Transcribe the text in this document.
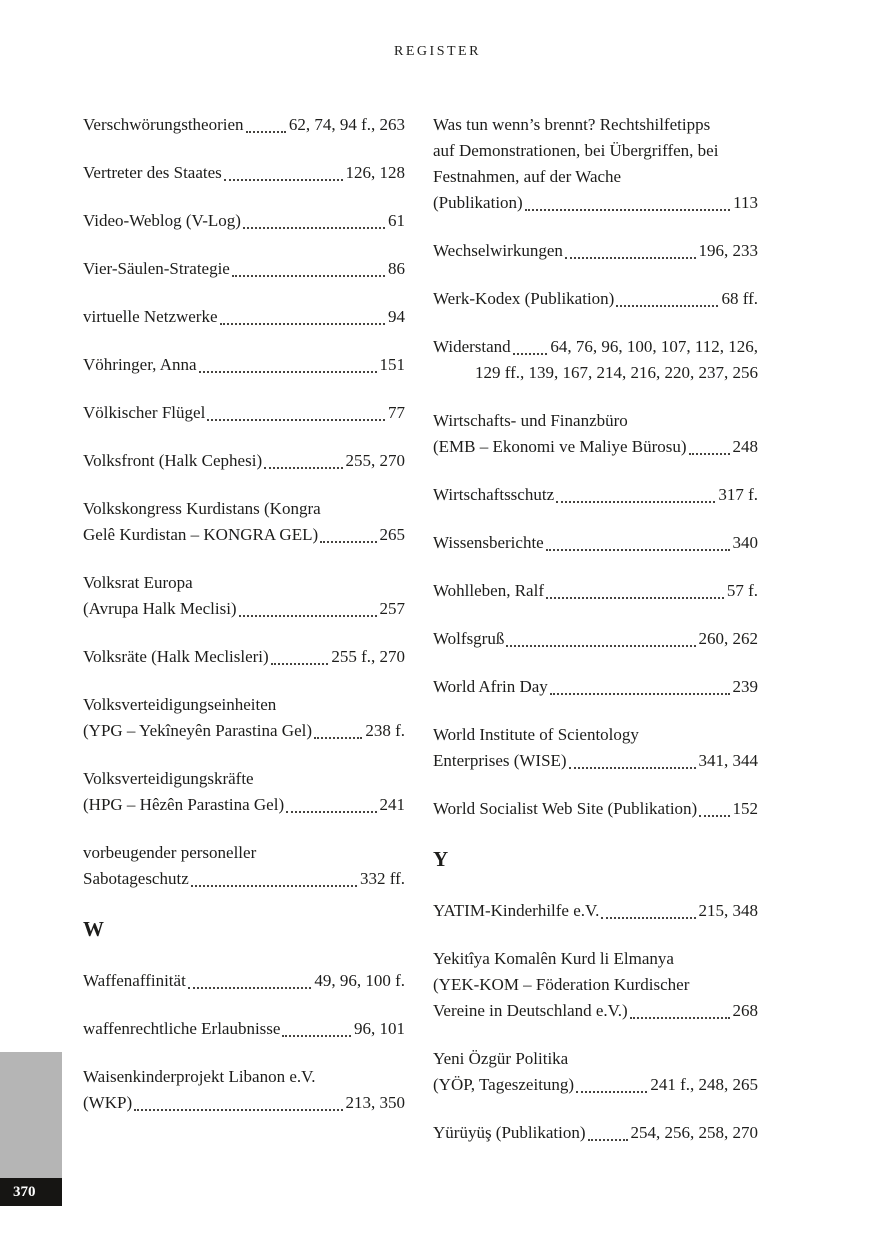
REGISTER
Verschwörungstheorien	62, 74, 94 f., 263
Vertreter des Staates	126, 128
Video-Weblog (V-Log)	61
Vier-Säulen-Strategie	86
virtuelle Netzwerke	94
Vöhringer, Anna	151
Völkischer Flügel	77
Volksfront (Halk Cephesi)	255, 270
Volkskongress Kurdistans (Kongra
Gelê Kurdistan – KONGRA GEL)	265
Volksrat Europa
(Avrupa Halk Meclisi)	257
Volksräte (Halk Meclisleri)	255 f., 270
Volksverteidigungseinheiten
(YPG – Yekîneyên Parastina Gel)	238 f.
Volksverteidigungskräfte
(HPG – Hêzên Parastina Gel)	241
vorbeugender personeller
Sabotageschutz	332 ff.
W
Waffenaffinität	49, 96, 100 f.
waffenrechtliche Erlaubnisse	96, 101
Waisenkinderprojekt Libanon e.V.
(WKP)	213, 350
Was tun wenn’s brennt? Rechtshilfetipps
auf Demonstrationen, bei Übergriffen, bei
Festnahmen, auf der Wache
(Publikation)	113
Wechselwirkungen	196, 233
Werk-Kodex (Publikation)	68 ff.
Widerstand 64, 76, 96, 100, 107, 112, 126,
129 ff., 139, 167, 214, 216, 220, 237, 256
Wirtschafts- und Finanzbüro
(EMB – Ekonomi ve Maliye Bürosu)	248
Wirtschaftsschutz	317 f.
Wissensberichte	340
Wohlleben, Ralf	57 f.
Wolfsgruß	260, 262
World Afrin Day	239
World Institute of Scientology
Enterprises (WISE)	341, 344
World Socialist Web Site (Publikation) 152
Y
YATIM-Kinderhilfe e.V.	215, 348
Yekitîya Komalên Kurd li Elmanya
(YEK-KOM – Föderation Kurdischer
Vereine in Deutschland e.V.)	268
Yeni Özgür Politika
(YÖP, Tageszeitung)	241 f., 248, 265
Yürüyüş (Publikation)	254, 256, 258, 270
370
